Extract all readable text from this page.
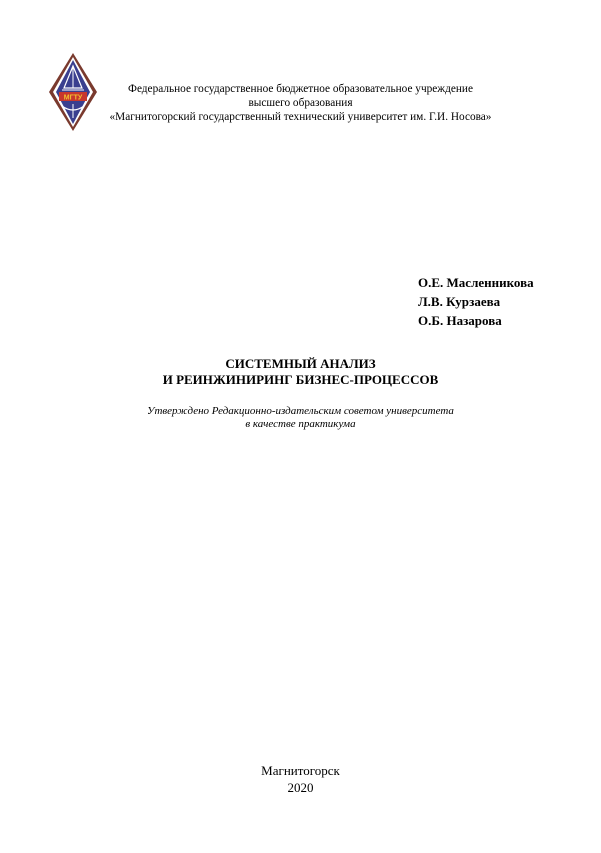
МГТУ
Федеральное государственное бюджетное образовательное учреждение
высшего образования
«Магнитогорский государственный технический университет им. Г.И. Носова»
О.Е. Масленникова
Л.В. Курзаева
О.Б. Назарова
СИСТЕМНЫЙ АНАЛИЗ
И РЕИНЖИНИРИНГ БИЗНЕС-ПРОЦЕССОВ
Утверждено Редакционно-издательским советом университета
в качестве практикума
Магнитогорск
2020
